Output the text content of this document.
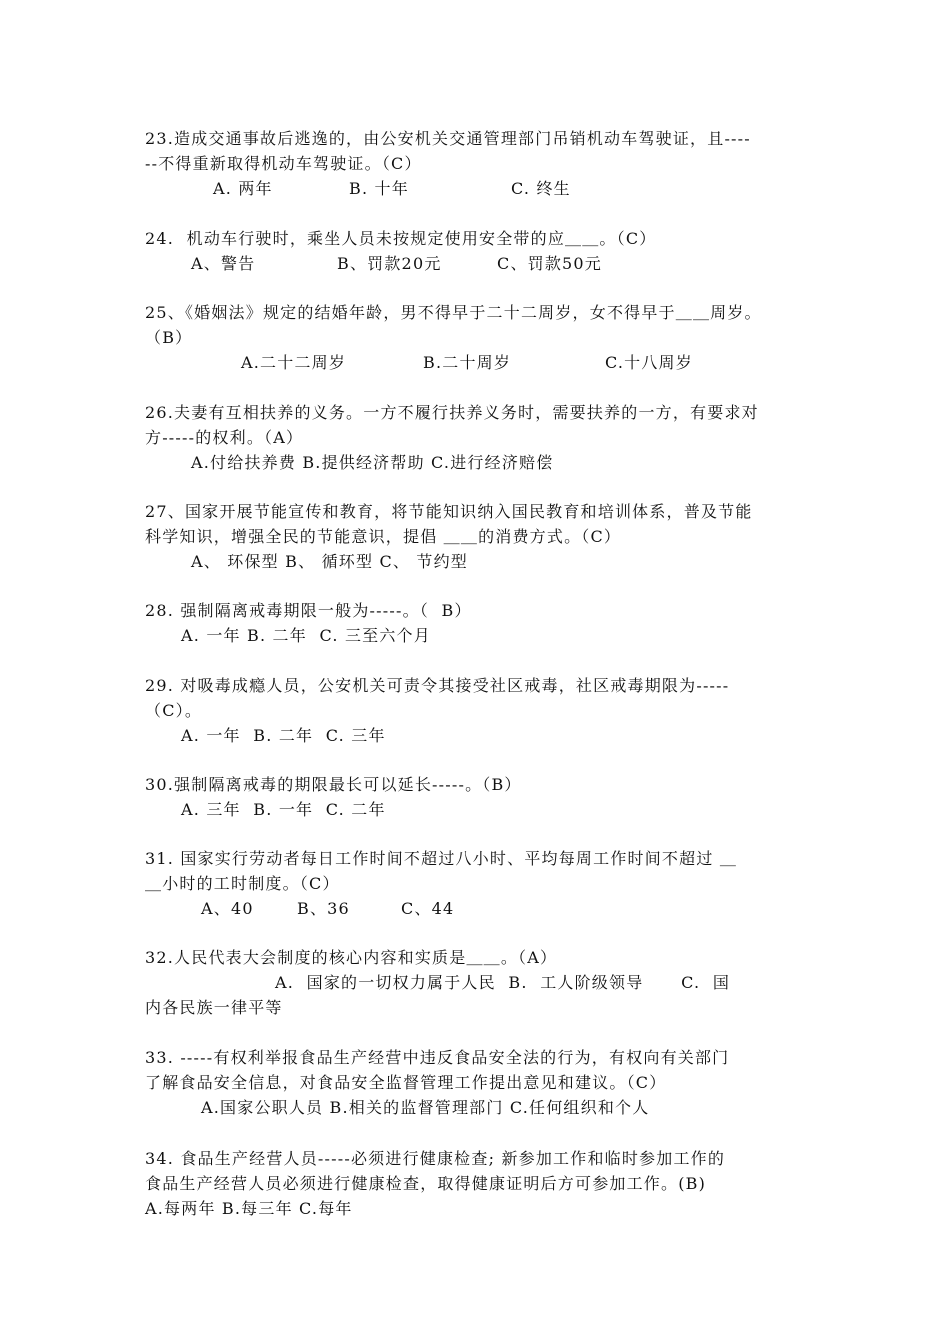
23.造成交通事故后逃逸的，由公安机关交通管理部门吊销机动车驾驶证，且----
--不得重新取得机动车驾驶证。（C）
A. 两年	B. 十年	C. 终生
24.  机动车行驶时，乘坐人员未按规定使用安全带的应＿＿。（C）
A、警告	B、罚款20元	C、罚款50元
25、《婚姻法》规定的结婚年龄，男不得早于二十二周岁，女不得早于＿＿周岁。
（B）
A.二十二周岁	B.二十周岁	C.十八周岁
26.夫妻有互相扶养的义务。一方不履行扶养义务时，需要扶养的一方，有要求对
方-----的权利。（A）
A.付给扶养费 B.提供经济帮助 C.进行经济赔偿
27、国家开展节能宣传和教育，将节能知识纳入国民教育和培训体系，普及节能
科学知识，增强全民的节能意识，提倡 ＿＿的消费方式。（C）
A、 环保型 B、 循环型 C、 节约型
28. 强制隔离戒毒期限一般为-----。（  B）
A. 一年 B. 二年  C. 三至六个月
29. 对吸毒成瘾人员，公安机关可责令其接受社区戒毒，社区戒毒期限为-----
（C）。
A. 一年  B. 二年  C. 三年
30.强制隔离戒毒的期限最长可以延长-----。（B）
A. 三年  B. 一年  C. 二年
31. 国家实行劳动者每日工作时间不超过八小时、平均每周工作时间不超过 ＿
＿小时的工时制度。（C）
A、40	B、36	C、44
32.人民代表大会制度的核心内容和实质是＿＿。（A）
A.  国家的一切权力属于人民  B.  工人阶级领导      C.  国
内各民族一律平等
33. -----有权利举报食品生产经营中违反食品安全法的行为，有权向有关部门
了解食品安全信息，对食品安全监督管理工作提出意见和建议。（C）
A.国家公职人员 B.相关的监督管理部门 C.任何组织和个人
34. 食品生产经营人员-----必须进行健康检查; 新参加工作和临时参加工作的
食品生产经营人员必须进行健康检查，取得健康证明后方可参加工作。(B)
A.每两年 B.每三年 C.每年
